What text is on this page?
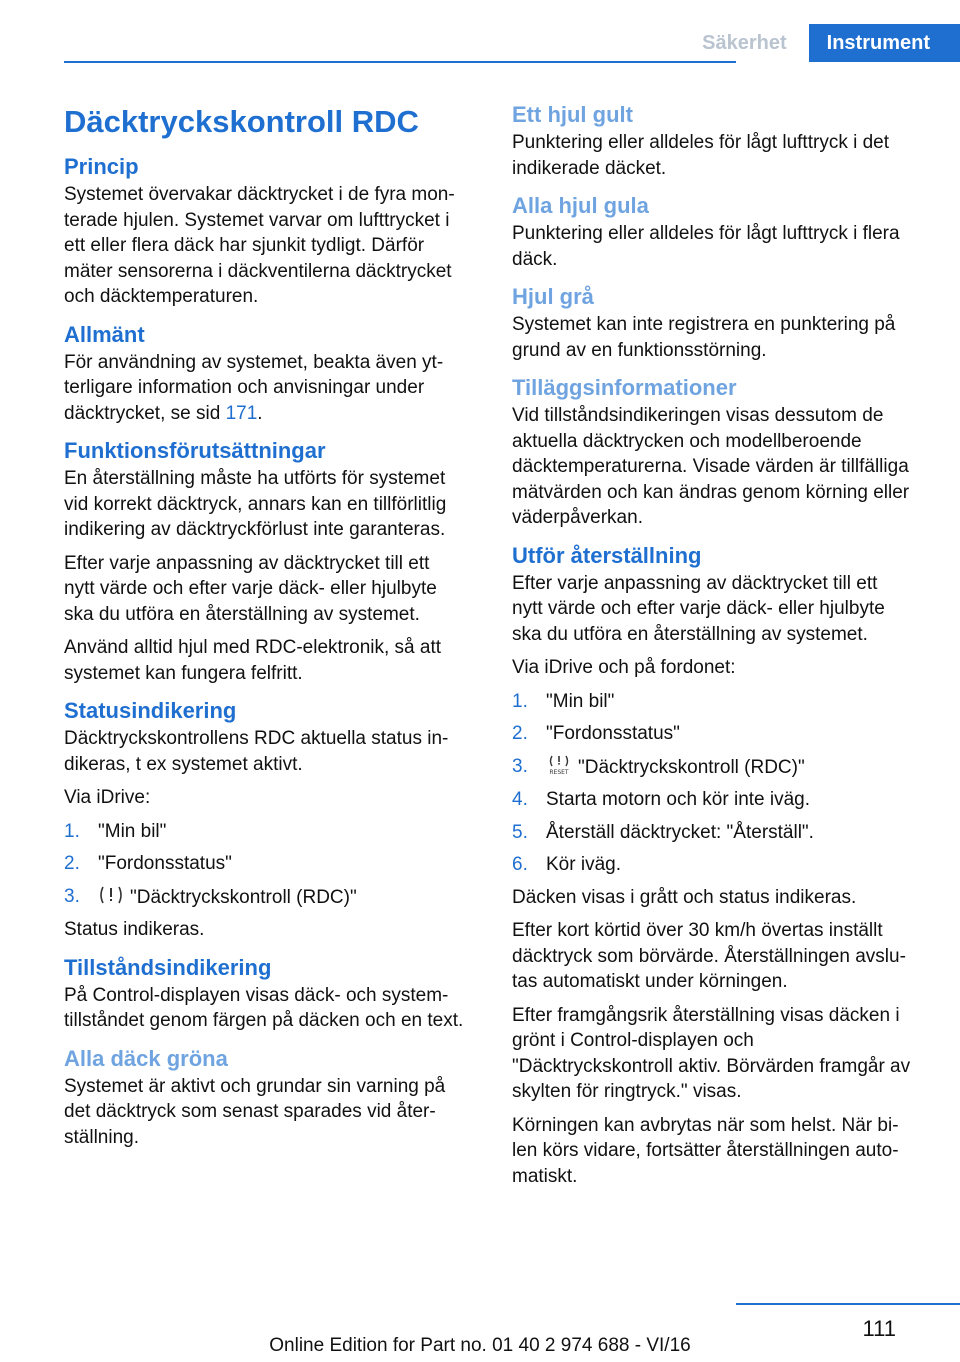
Säkerhet	Instrument
Däcktryckskontroll RDC
Princip

Systemet övervakar däcktrycket i de fyra monterade hjulen. Systemet varvar om lufttrycket i ett eller flera däck har sjunkit tydligt. Därför mäter sensorerna i däckventilerna däcktrycket och däcktemperaturen.

Allmänt

För användning av systemet, beakta även ytterligare information och anvisningar under däcktrycket, se sid 171.

Funktionsförutsättningar

En återställning måste ha utförts för systemet vid korrekt däcktryck, annars kan en tillförlitlig indikering av däcktryckförlust inte garanteras.

Efter varje anpassning av däcktrycket till ett nytt värde och efter varje däck- eller hjulbyte ska du utföra en återställning av systemet.

Använd alltid hjul med RDC-elektronik, så att systemet kan fungera felfritt.

Statusindikering

Däcktryckskontrollens RDC aktuella status indikeras, t ex systemet aktivt.

Via iDrive:

1. "Min bil"
2. "Fordonsstatus"
3.	"Däcktryckskontroll (RDC)"

Status indikeras.

Tillståndsindikering

På Control-displayen visas däck- och systemtillståndet genom färgen på däcken och en text.

Alla däck gröna

Systemet är aktivt och grundar sin varning på det däcktryck som senast sparades vid återställning.

Ett hjul gult

Punktering eller alldeles för lågt lufttryck i det indikerade däcket.

Alla hjul gula

Punktering eller alldeles för lågt lufttryck i flera däck.

Hjul grå

Systemet kan inte registrera en punktering på grund av en funktionsstörning.

Tilläggsinformationer

Vid tillståndsindikeringen visas dessutom de aktuella däcktrycken och modellberoende däcktemperaturerna. Visade värden är tillfälliga mätvärden och kan ändras genom körning eller väderpåverkan.

Utför återställning

Efter varje anpassning av däcktrycket till ett nytt värde och efter varje däck- eller hjulbyte ska du utföra en återställning av systemet.

Via iDrive och på fordonet:

1. "Min bil"
2. "Fordonsstatus"
3.	RESET "Däcktryckskontroll (RDC)"
4. Starta motorn och kör inte iväg.
5. Återställ däcktrycket: "Återställ".
6. Kör iväg.

Däcken visas i grått och status indikeras.

Efter kort körtid över 30 km/h övertas inställt däcktryck som börvärde. Återställningen avslutas automatiskt under körningen.

Efter framgångsrik återställning visas däcken i grönt i Control-displayen och "Däcktryckskontroll aktiv. Börvärden framgår av skylten för ringtryck." visas.

Körningen kan avbrytas när som helst. När bilen körs vidare, fortsätter återställningen automatiskt.

111
Online Edition for Part no. 01 40 2 974 688 - VI/16
